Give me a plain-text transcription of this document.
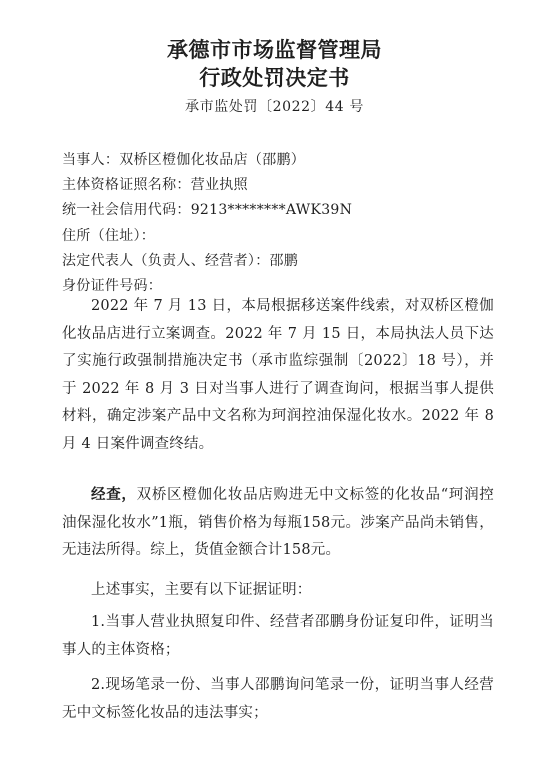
承德市市场监督管理局
行政处罚决定书
承市监处罚〔2022〕44 号
当事人：双桥区橙伽化妆品店（邵鹏）
主体资格证照名称：营业执照
统一社会信用代码：9213********AWK39N
住所（住址）：
法定代表人（负责人、经营者）：邵鹏
身份证件号码：
2022 年 7 月 13 日，本局根据移送案件线索，对双桥区橙伽化妆品店进行立案调查。2022 年 7 月 15 日，本局执法人员下达了实施行政强制措施决定书（承市监综强制〔2022〕18 号），并于 2022 年 8 月 3 日对当事人进行了调查询问，根据当事人提供材料，确定涉案产品中文名称为珂润控油保湿化妆水。2022 年 8 月 4 日案件调查终结。
经查，双桥区橙伽化妆品店购进无中文标签的化妆品“珂润控油保湿化妆水”1瓶，销售价格为每瓶158元。涉案产品尚未销售，无违法所得。综上，货值金额合计158元。
上述事实，主要有以下证据证明：
1.当事人营业执照复印件、经营者邵鹏身份证复印件，证明当事人的主体资格；
2.现场笔录一份、当事人邵鹏询问笔录一份，证明当事人经营无中文标签化妆品的违法事实；
